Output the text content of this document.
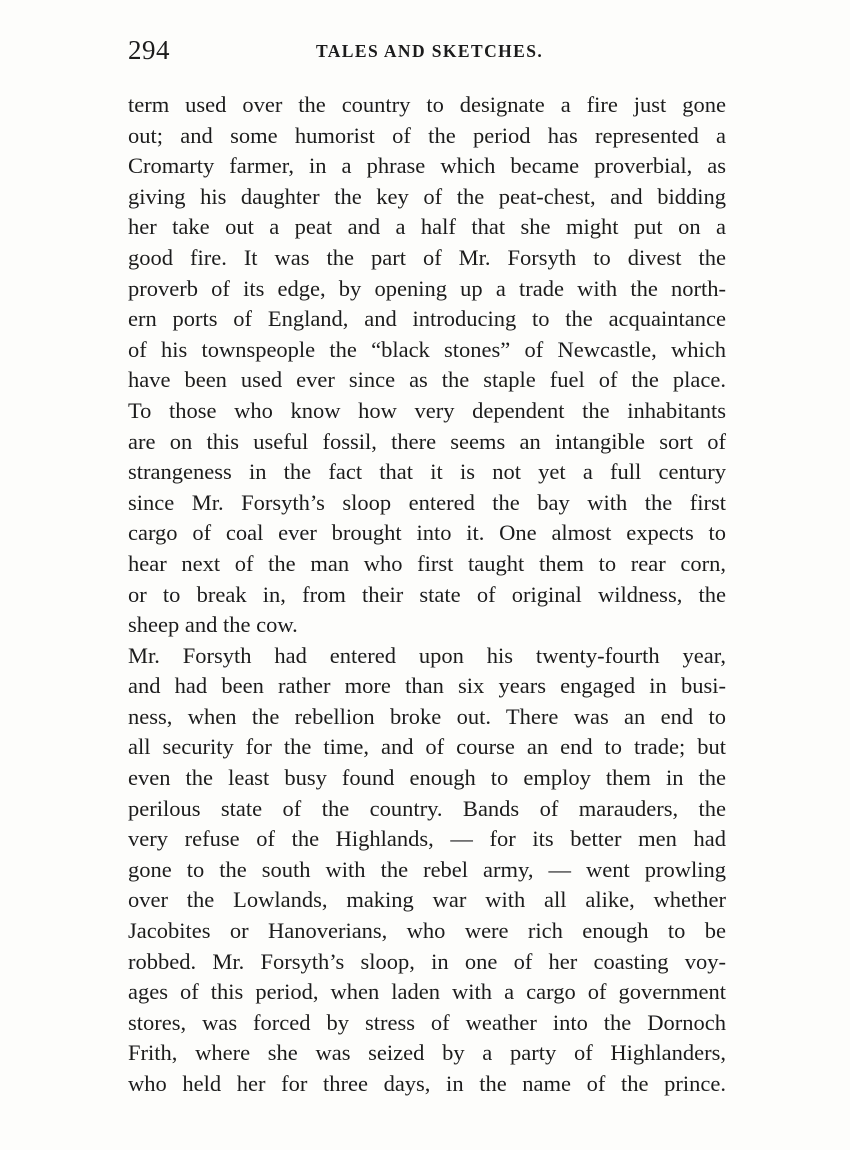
294	TALES AND SKETCHES.
term used over the country to designate a fire just gone
out; and some humorist of the period has represented a
Cromarty farmer, in a phrase which became proverbial, as
giving his daughter the key of the peat-chest, and bidding
her take out a peat and a half that she might put on a
good fire. It was the part of Mr. Forsyth to divest the
proverb of its edge, by opening up a trade with the north-
ern ports of England, and introducing to the acquaintance
of his townspeople the “black stones” of Newcastle, which
have been used ever since as the staple fuel of the place.
To those who know how very dependent the inhabitants
are on this useful fossil, there seems an intangible sort of
strangeness in the fact that it is not yet a full century
since Mr. Forsyth’s sloop entered the bay with the first
cargo of coal ever brought into it. One almost expects to
hear next of the man who first taught them to rear corn,
or to break in, from their state of original wildness, the
sheep and the cow.
Mr. Forsyth had entered upon his twenty-fourth year,
and had been rather more than six years engaged in busi-
ness, when the rebellion broke out. There was an end to
all security for the time, and of course an end to trade; but
even the least busy found enough to employ them in the
perilous state of the country. Bands of marauders, the
very refuse of the Highlands, — for its better men had
gone to the south with the rebel army, — went prowling
over the Lowlands, making war with all alike, whether
Jacobites or Hanoverians, who were rich enough to be
robbed. Mr. Forsyth’s sloop, in one of her coasting voy-
ages of this period, when laden with a cargo of government
stores, was forced by stress of weather into the Dornoch
Frith, where she was seized by a party of Highlanders,
who held her for three days, in the name of the prince.
